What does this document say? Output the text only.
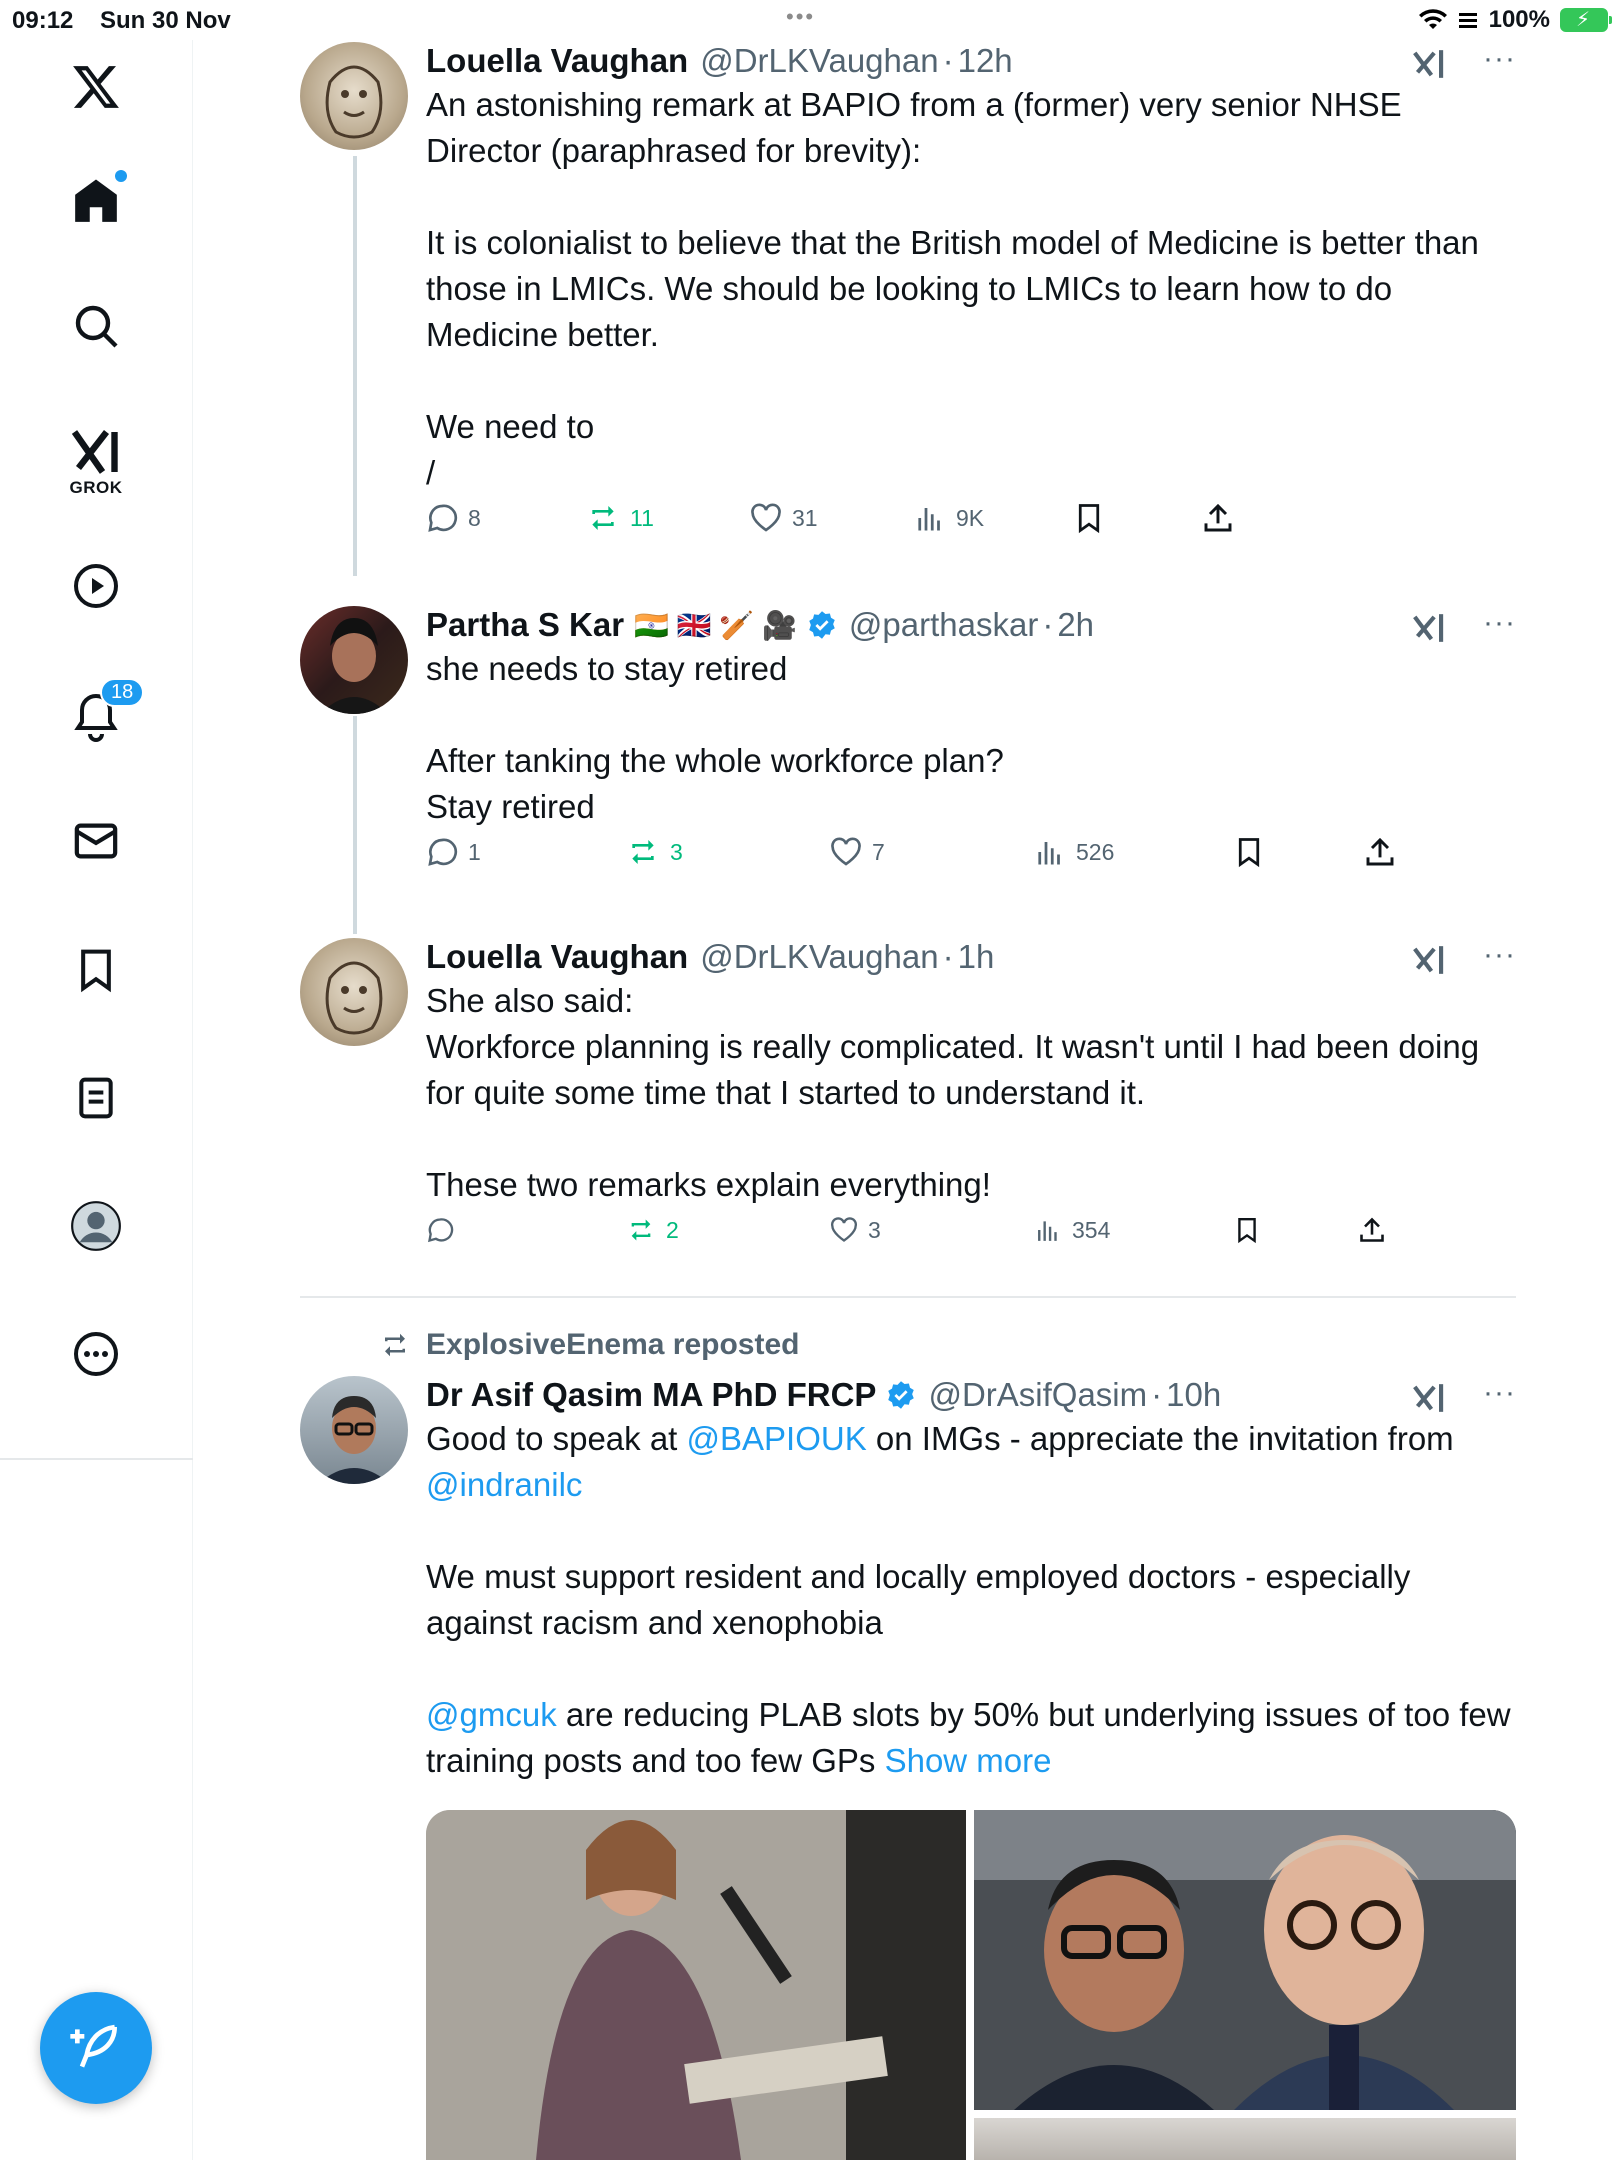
09:12 Sun 30 Nov	•••	100% ⚡
GROK
18
Louella Vaughan @DrLKVaughan · 12h	···
An astonishing remark at BAPIO from a (former) very senior NHSE Director (paraphrased for brevity):

It is colonialist to believe that the British model of Medicine is better than those in LMICs. We should be looking to LMICs to learn how to do Medicine better.

We need to
/
8	11	31	9K
Partha S Kar 🇮🇳 🇬🇧 🏏 🎥 @parthaskar · 2h	···
she needs to stay retired

After tanking the whole workforce plan?
Stay retired
1	3	7	526
Louella Vaughan @DrLKVaughan · 1h	···
She also said:
Workforce planning is really complicated. It wasn't until I had been doing for quite some time that I started to understand it.

These two remarks explain everything!
2	3	354
ExplosiveEnema reposted
Dr Asif Qasim MA PhD FRCP @DrAsifQasim · 10h	···
Good to speak at @BAPIOUK on IMGs - appreciate the invitation from @indranilc

We must support resident and locally employed doctors - especially against racism and xenophobia

@gmcuk are reducing PLAB slots by 50% but underlying issues of too few training posts and too few GPs Show more
